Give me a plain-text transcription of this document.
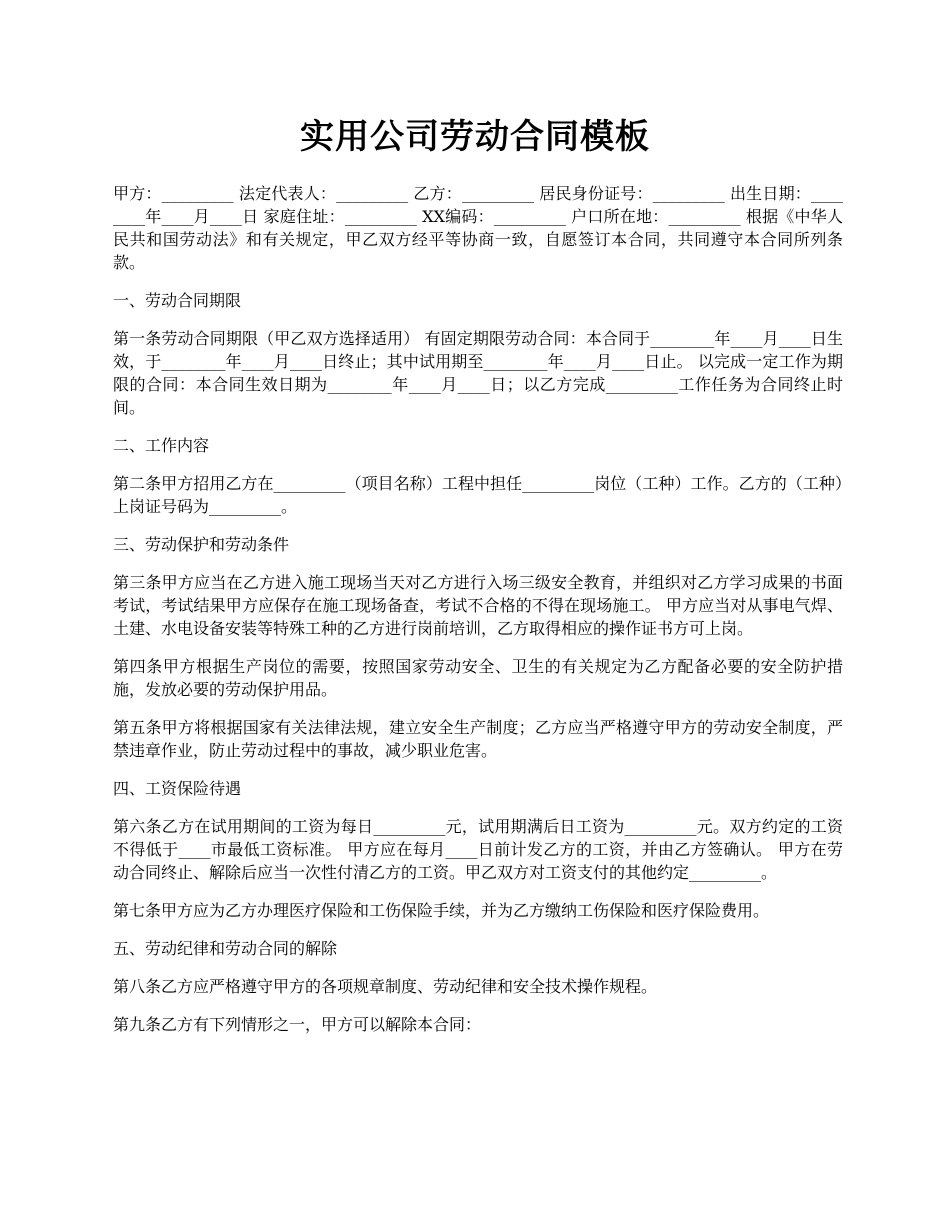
实用公司劳动合同模板

甲方：_________ 法定代表人：_________ 乙方：_________ 居民身份证号：_________ 出生日期：________年____月____日 家庭住址：_________ XX编码：_________ 户口所在地：_________ 根据《中华人民共和国劳动法》和有关规定，甲乙双方经平等协商一致，自愿签订本合同，共同遵守本合同所列条款。

一、劳动合同期限

第一条劳动合同期限（甲乙双方选择适用） 有固定期限劳动合同：本合同于________年____月____日生效，于________年____月____日终止；其中试用期至________年____月____日止。 以完成一定工作为期限的合同：本合同生效日期为________年____月____日；以乙方完成_________工作任务为合同终止时间。

二、工作内容

第二条甲方招用乙方在_________（项目名称）工程中担任_________岗位（工种）工作。乙方的（工种）上岗证号码为_________。

三、劳动保护和劳动条件

第三条甲方应当在乙方进入施工现场当天对乙方进行入场三级安全教育，并组织对乙方学习成果的书面考试，考试结果甲方应保存在施工现场备查，考试不合格的不得在现场施工。 甲方应当对从事电气焊、土建、水电设备安装等特殊工种的乙方进行岗前培训，乙方取得相应的操作证书方可上岗。

第四条甲方根据生产岗位的需要，按照国家劳动安全、卫生的有关规定为乙方配备必要的安全防护措施，发放必要的劳动保护用品。

第五条甲方将根据国家有关法律法规，建立安全生产制度；乙方应当严格遵守甲方的劳动安全制度，严禁违章作业，防止劳动过程中的事故，减少职业危害。

四、工资保险待遇

第六条乙方在试用期间的工资为每日_________元，试用期满后日工资为_________元。双方约定的工资不得低于____市最低工资标准。 甲方应在每月____日前计发乙方的工资，并由乙方签确认。 甲方在劳动合同终止、解除后应当一次性付清乙方的工资。甲乙双方对工资支付的其他约定_________。

第七条甲方应为乙方办理医疗保险和工伤保险手续，并为乙方缴纳工伤保险和医疗保险费用。

五、劳动纪律和劳动合同的解除

第八条乙方应严格遵守甲方的各项规章制度、劳动纪律和安全技术操作规程。

第九条乙方有下列情形之一，甲方可以解除本合同：
